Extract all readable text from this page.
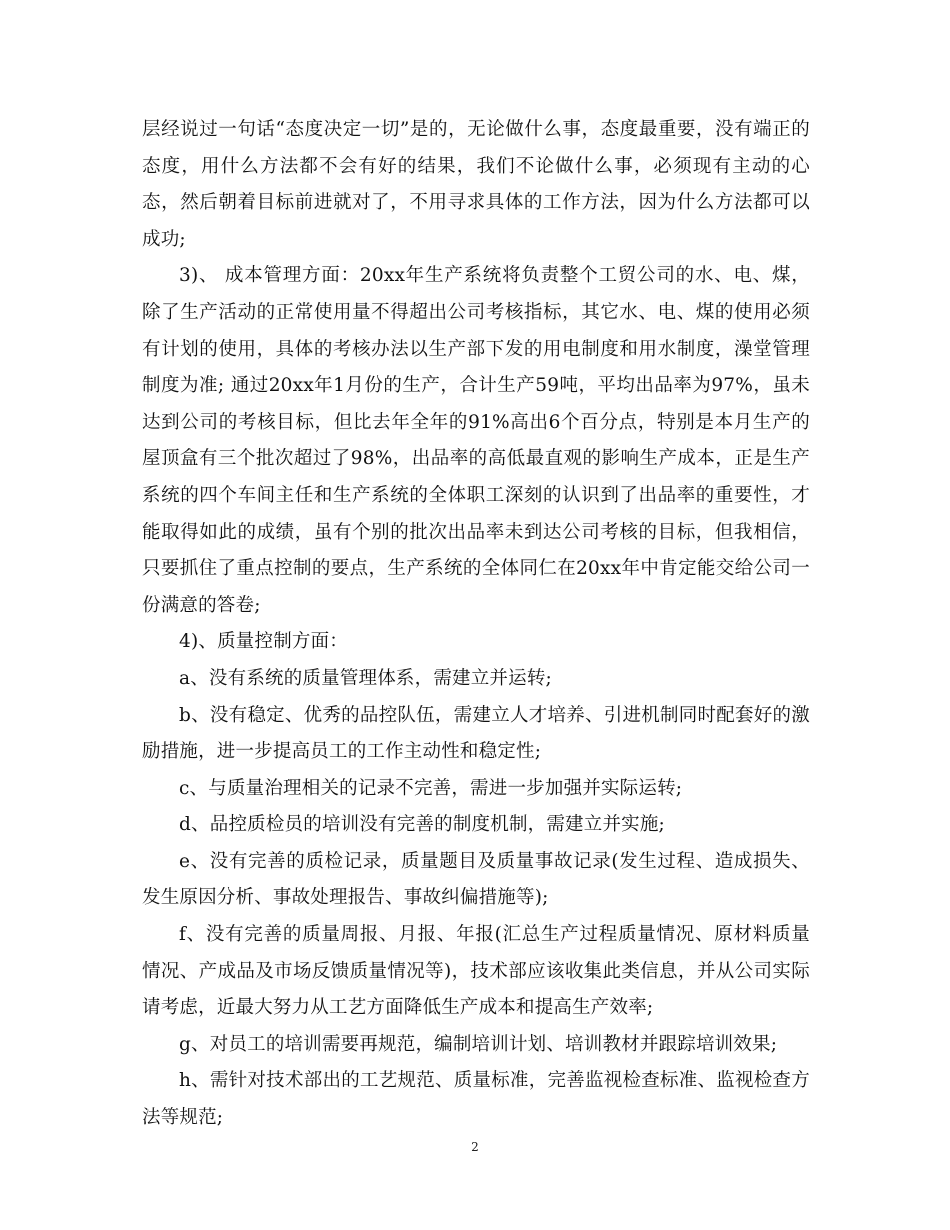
层经说过一句话“态度决定一切”是的，无论做什么事，态度最重要，没有端正的态度，用什么方法都不会有好的结果，我们不论做什么事，必须现有主动的心态，然后朝着目标前进就对了，不用寻求具体的工作方法，因为什么方法都可以成功;

3)、 成本管理方面：20xx年生产系统将负责整个工贸公司的水、电、煤，除了生产活动的正常使用量不得超出公司考核指标，其它水、电、煤的使用必须有计划的使用，具体的考核办法以生产部下发的用电制度和用水制度，澡堂管理制度为准; 通过20xx年1月份的生产，合计生产59吨，平均出品率为97%，虽未达到公司的考核目标，但比去年全年的91%高出6个百分点，特别是本月生产的屋顶盒有三个批次超过了98%，出品率的高低最直观的影响生产成本，正是生产系统的四个车间主任和生产系统的全体职工深刻的认识到了出品率的重要性，才能取得如此的成绩，虽有个别的批次出品率未到达公司考核的目标，但我相信，只要抓住了重点控制的要点，生产系统的全体同仁在20xx年中肯定能交给公司一份满意的答卷;

4)、质量控制方面：

a、没有系统的质量管理体系，需建立并运转;

b、没有稳定、优秀的品控队伍，需建立人才培养、引进机制同时配套好的激励措施，进一步提高员工的工作主动性和稳定性;

c、与质量治理相关的记录不完善，需进一步加强并实际运转;

d、品控质检员的培训没有完善的制度机制，需建立并实施;

e、没有完善的质检记录，质量题目及质量事故记录(发生过程、造成损失、发生原因分析、事故处理报告、事故纠偏措施等);

f、没有完善的质量周报、月报、年报(汇总生产过程质量情况、原材料质量情况、产成品及市场反馈质量情况等)，技术部应该收集此类信息，并从公司实际请考虑，近最大努力从工艺方面降低生产成本和提高生产效率;

g、对员工的培训需要再规范，编制培训计划、培训教材并跟踪培训效果;

h、需针对技术部出的工艺规范、质量标准，完善监视检查标准、监视检查方法等规范;

2
